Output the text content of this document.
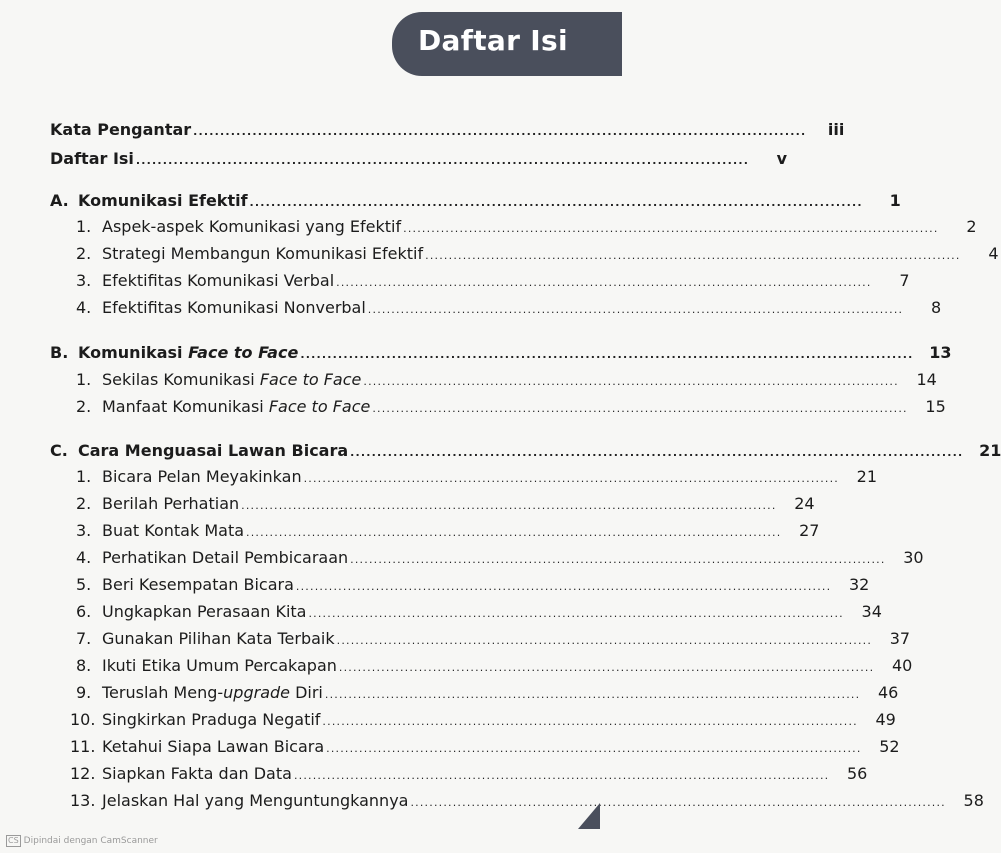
Daftar Isi
Kata Pengantar ..................................................................................................................	iii
Daftar Isi ..................................................................................................................	v
A. Komunikasi Efektif ..................................................................................................................	1
1. Aspek-aspek Komunikasi yang Efektif ..................................................................................................................	2
2. Strategi Membangun Komunikasi Efektif ..................................................................................................................	4
3. Efektifitas Komunikasi Verbal ..................................................................................................................	7
4. Efektifitas Komunikasi Nonverbal ..................................................................................................................	8
B. Komunikasi Face to Face .................................................................................................................. 13
1. Sekilas Komunikasi Face to Face ..................................................................................................................	14
2. Manfaat Komunikasi Face to Face ..................................................................................................................	15
C. Cara Menguasai Lawan Bicara .................................................................................................................. 21
1. Bicara Pelan Meyakinkan ..................................................................................................................	21
2. Berilah Perhatian ..................................................................................................................	24
3. Buat Kontak Mata ..................................................................................................................	27
4. Perhatikan Detail Pembicaraan ..................................................................................................................	30
5. Beri Kesempatan Bicara ..................................................................................................................	32
6. Ungkapkan Perasaan Kita ..................................................................................................................	34
7. Gunakan Pilihan Kata Terbaik ..................................................................................................................	37
8. Ikuti Etika Umum Percakapan ..................................................................................................................	40
9. Teruslah Meng-upgrade Diri ..................................................................................................................	46
10. Singkirkan Praduga Negatif ..................................................................................................................	49
11. Ketahui Siapa Lawan Bicara ..................................................................................................................	52
12. Siapkan Fakta dan Data ..................................................................................................................	56
13. Jelaskan Hal yang Menguntungkannya ..................................................................................................................	58
CS Dipindai dengan CamScanner
